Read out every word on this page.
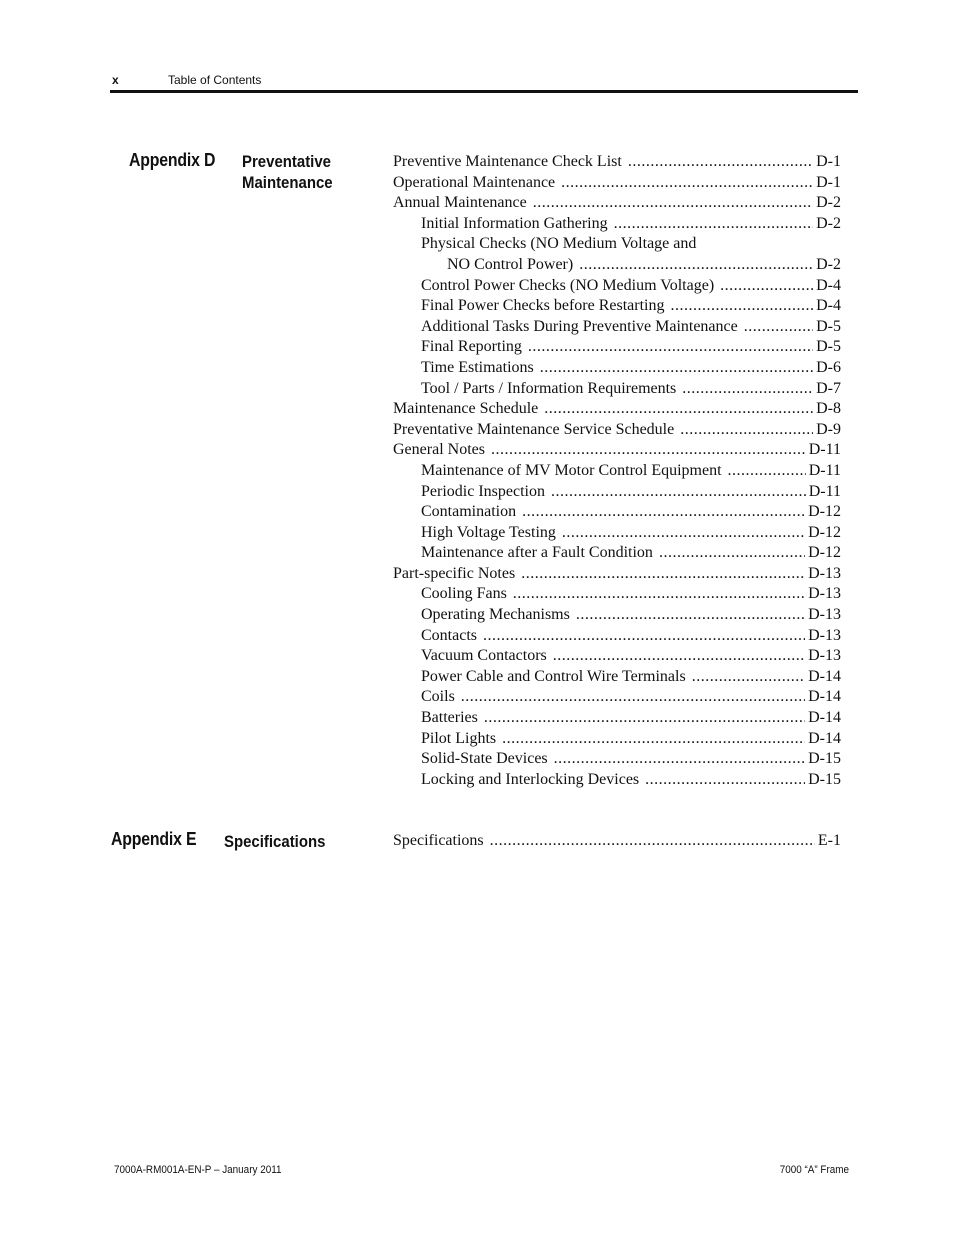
x	Table of Contents
Appendix D Preventative
Maintenance
Preventive Maintenance Check List .....	D-1
Operational Maintenance .....	D-1
Annual Maintenance .....	D-2
Initial Information Gathering .....	D-2
Physical Checks (NO Medium Voltage and
NO Control Power) .....	D-2
Control Power Checks (NO Medium Voltage) .....	D-4
Final Power Checks before Restarting .....	D-4
Additional Tasks During Preventive Maintenance .....	D-5
Final Reporting .....	D-5
Time Estimations .....	D-6
Tool / Parts / Information Requirements .....	D-7
Maintenance Schedule .....	D-8
Preventative Maintenance Service Schedule .....	D-9
General Notes .....	D-11
Maintenance of MV Motor Control Equipment .....	D-11
Periodic Inspection .....	D-11
Contamination .....	D-12
High Voltage Testing .....	D-12
Maintenance after a Fault Condition .....	D-12
Part-specific Notes .....	D-13
Cooling Fans .....	D-13
Operating Mechanisms .....	D-13
Contacts .....	D-13
Vacuum Contactors .....	D-13
Power Cable and Control Wire Terminals .....	D-14
Coils .....	D-14
Batteries .....	D-14
Pilot Lights .....	D-14
Solid-State Devices .....	D-15
Locking and Interlocking Devices .....	D-15
Appendix E Specifications	Specifications .....	E-1
7000A-RM001A-EN-P – January 2011	7000 “A” Frame
